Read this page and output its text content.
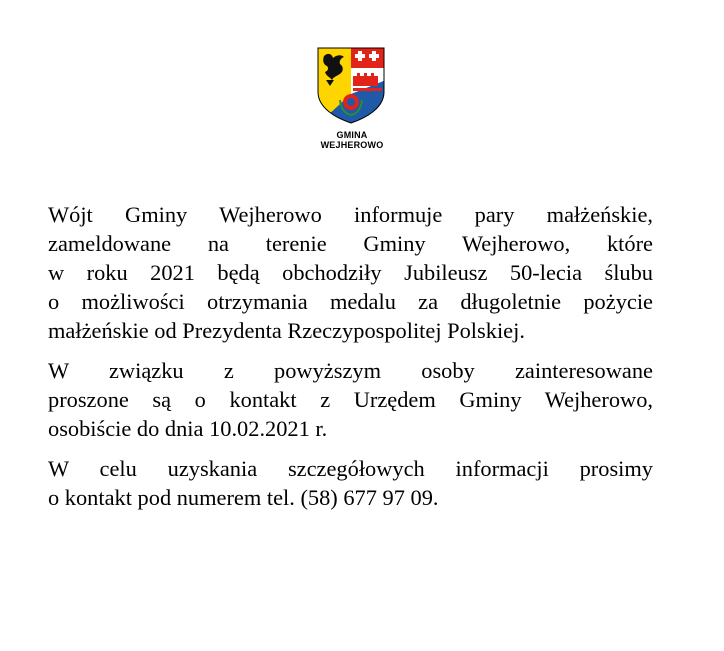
GMINA
WEJHEROWO

Wójt Gminy Wejherowo informuje pary małżeńskie,
zameldowane na terenie Gminy Wejherowo, które
w roku 2021 będą obchodziły Jubileusz 50-lecia ślubu
o możliwości otrzymania medalu za długoletnie pożycie
małżeńskie od Prezydenta Rzeczypospolitej Polskiej.

W związku z powyższym osoby zainteresowane
proszone są o kontakt z Urzędem Gminy Wejherowo,
osobiście do dnia 10.02.2021 r.

W celu uzyskania szczegółowych informacji prosimy
o kontakt pod numerem tel. (58) 677 97 09.
